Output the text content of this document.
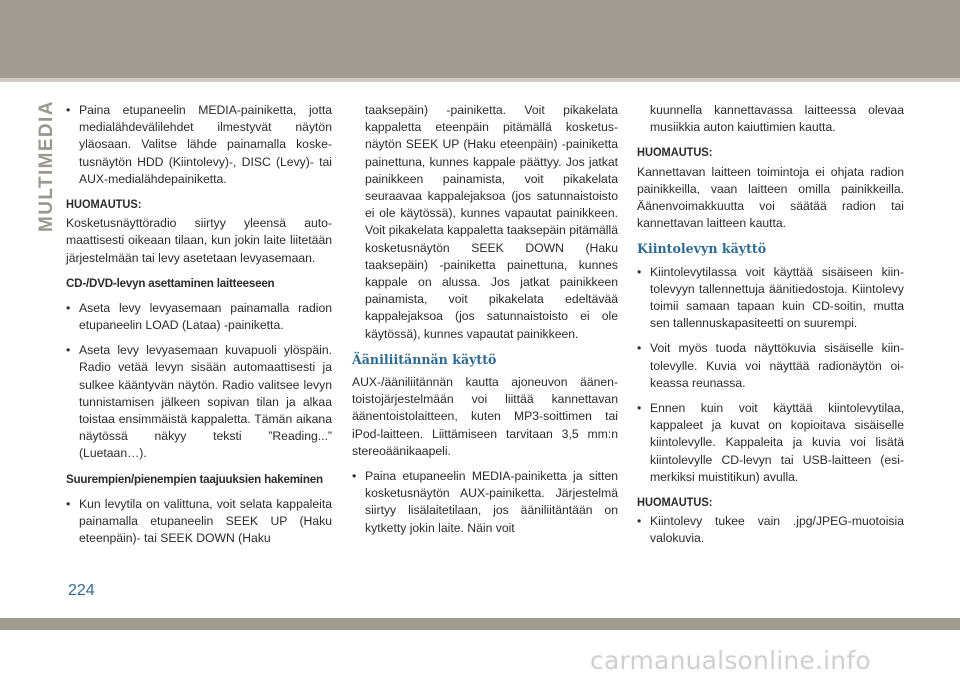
MULTIMEDIA

•	Paina etupaneelin MEDIA-painiketta, jotta medialähdevälilehdet ilmestyvät näytön yläosaan. Valitse lähde painamalla kosketusnäytön HDD (Kiintolevy)-, DISC (Levy)- tai AUX-medialähdepainiketta.

HUOMAUTUS:

Kosketusnäyttöradio siirtyy yleensä automaattisesti oikeaan tilaan, kun jokin laite liitetään järjestelmään tai levy asetetaan levyasemaan.

CD-/DVD-levyn asettaminen laitteeseen

• Aseta levy levyasemaan painamalla radion etupaneelin LOAD (Lataa) -painiketta.

• Aseta levy levyasemaan kuvapuoli ylöspäin. Radio vetää levyn sisään automaattisesti ja sulkee kääntyvän näytön. Radio valitsee levyn tunnistamisen jälkeen sopivan tilan ja alkaa toistaa ensimmäistä kappaletta. Tämän aikana näytössä näkyy teksti ”Reading...” (Luetaan…).

Suurempien/pienempien taajuuksien hakeminen

• Kun levytila on valittuna, voit selata kappaleita painamalla etupaneelin SEEK UP (Haku eteenpäin)- tai SEEK DOWN (Haku

taaksepäin) -painiketta. Voit pikakelata kappaletta eteenpäin pitämällä kosketusnäytön SEEK UP (Haku eteenpäin) -painiketta painettuna, kunnes kappale päättyy. Jos jatkat painikkeen painamista, voit pikakelata seuraavaa kappalejaksoa (jos satunnaistoisto ei ole käytössä), kunnes vapautat painikkeen. Voit pikakelata kappaletta taaksepäin pitämällä kosketusnäytön SEEK DOWN (Haku taaksepäin) -painiketta painettuna, kunnes kappale on alussa. Jos jatkat painikkeen painamista, voit pikakelata edeltävää kappalejaksoa (jos satunnaistoisto ei ole käytössä), kunnes vapautat painikkeen.

Ääniliitännän käyttö

AUX-/ääniliitännän kautta ajoneuvon äänentoistojärjestelmään voi liittää kannettavan äänentoistolaitteen, kuten MP3-soittimen tai iPod-laitteen. Liittämiseen tarvitaan 3,5 mm:n stereoäänikaapeli.

• Paina etupaneelin MEDIA-painiketta ja sitten kosketusnäytön AUX-painiketta. Järjestelmä siirtyy lisälaitetilaan, jos ääniliitäntään on kytketty jokin laite. Näin voit

kuunnella kannettavassa laitteessa olevaa musiikkia auton kaiuttimien kautta.

HUOMAUTUS:

Kannettavan laitteen toimintoja ei ohjata radion painikkeilla, vaan laitteen omilla painikkeilla. Äänenvoimakkuutta voi säätää radion tai kannettavan laitteen kautta.

Kiintolevyn käyttö

• Kiintolevytilassa voit käyttää sisäiseen kiintolevyyn tallennettuja äänitiedostoja. Kiintolevy toimii samaan tapaan kuin CD-soitin, mutta sen tallennuskapasiteetti on suurempi.

• Voit myös tuoda näyttökuvia sisäiselle kiintolevylle. Kuvia voi näyttää radionäytön oikeassa reunassa.

• Ennen kuin voit käyttää kiintolevytilaa, kappaleet ja kuvat on kopioitava sisäiselle kiintolevylle. Kappaleita ja kuvia voi lisätä kiintolevylle CD-levyn tai USB-laitteen (esimerkiksi muistitikun) avulla.

HUOMAUTUS:

• Kiintolevy tukee vain .jpg/JPEG-muotoisia valokuvia.

224
carmanualsonline.info
